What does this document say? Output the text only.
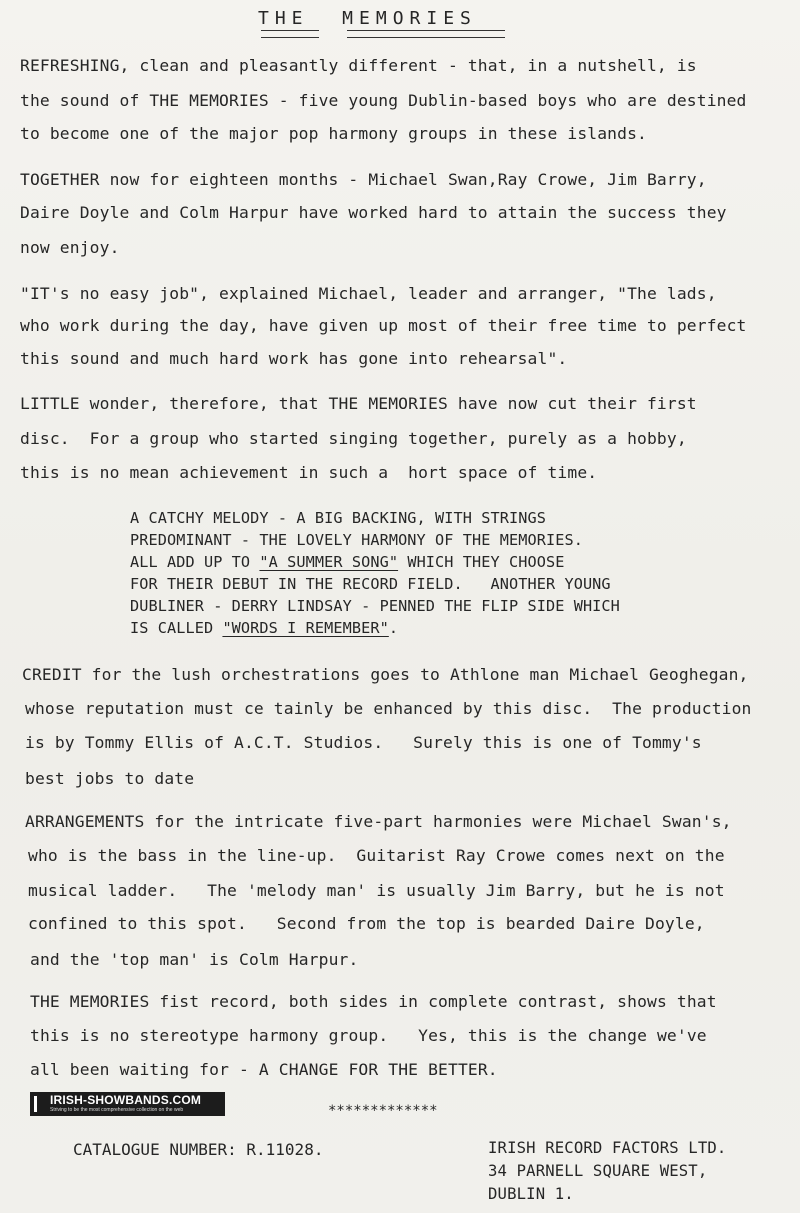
THE  MEMORIES
REFRESHING, clean and pleasantly different - that, in a nutshell, is
the sound of THE MEMORIES - five young Dublin-based boys who are destined
to become one of the major pop harmony groups in these islands.
TOGETHER now for eighteen months - Michael Swan,Ray Crowe, Jim Barry,
Daire Doyle and Colm Harpur have worked hard to attain the success they
now enjoy.
"IT's no easy job", explained Michael, leader and arranger, "The lads,
who work during the day, have given up most of their free time to perfect
this sound and much hard work has gone into rehearsal".
LITTLE wonder, therefore, that THE MEMORIES have now cut their first
disc.  For a group who started singing together, purely as a hobby,
this is no mean achievement in such a  hort space of time.
A CATCHY MELODY - A BIG BACKING, WITH STRINGS
PREDOMINANT - THE LOVELY HARMONY OF THE MEMORIES.
ALL ADD UP TO "A SUMMER SONG" WHICH THEY CHOOSE
FOR THEIR DEBUT IN THE RECORD FIELD.   ANOTHER YOUNG
DUBLINER - DERRY LINDSAY - PENNED THE FLIP SIDE WHICH
IS CALLED "WORDS I REMEMBER".
CREDIT for the lush orchestrations goes to Athlone man Michael Geoghegan,
whose reputation must ce tainly be enhanced by this disc.  The production
is by Tommy Ellis of A.C.T. Studios.   Surely this is one of Tommy's
best jobs to date
ARRANGEMENTS for the intricate five-part harmonies were Michael Swan's,
who is the bass in the line-up.  Guitarist Ray Crowe comes next on the
musical ladder.   The 'melody man' is usually Jim Barry, but he is not
confined to this spot.   Second from the top is bearded Daire Doyle,
and the 'top man' is Colm Harpur.
THE MEMORIES fist record, both sides in complete contrast, shows that
this is no stereotype harmony group.   Yes, this is the change we've
all been waiting for - A CHANGE FOR THE BETTER.
IRISH-SHOWBANDS.COM
Striving to be the most comprehensive collection on the web	*************
CATALOGUE NUMBER: R.11028.	IRISH RECORD FACTORS LTD.
34 PARNELL SQUARE WEST,
DUBLIN 1.
